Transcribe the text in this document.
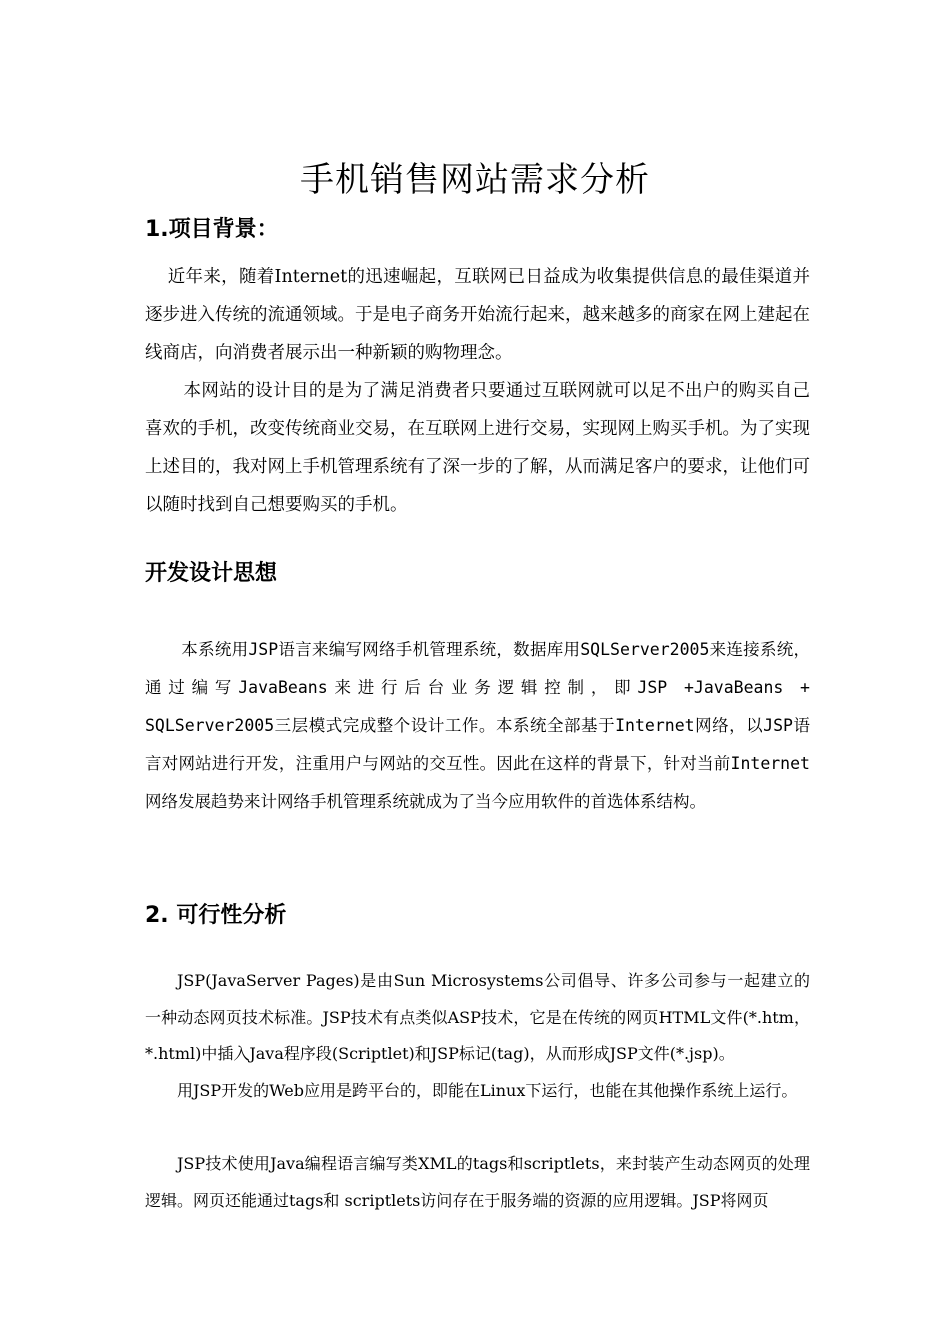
手机销售网站需求分析
1.项目背景：

近年来，随着Internet的迅速崛起，互联网已日益成为收集提供信息的最佳渠道并逐步进入传统的流通领域。于是电子商务开始流行起来，越来越多的商家在网上建起在线商店，向消费者展示出一种新颖的购物理念。

本网站的设计目的是为了满足消费者只要通过互联网就可以足不出户的购买自己喜欢的手机，改变传统商业交易，在互联网上进行交易，实现网上购买手机。为了实现上述目的，我对网上手机管理系统有了深一步的了解，从而满足客户的要求，让他们可以随时找到自己想要购买的手机。

开发设计思想

本系统用JSP语言来编写网络手机管理系统，数据库用SQLServer2005来连接系统，通过编写JavaBeans来进行后台业务逻辑控制，即JSP +JavaBeans + SQLServer2005三层模式完成整个设计工作。本系统全部基于Internet网络，以JSP语言对网站进行开发，注重用户与网站的交互性。因此在这样的背景下，针对当前Internet网络发展趋势来计网络手机管理系统就成为了当今应用软件的首选体系结构。

2. 可行性分析

JSP(JavaServer Pages)是由Sun Microsystems公司倡导、许多公司参与一起建立的一种动态网页技术标准。JSP技术有点类似ASP技术，它是在传统的网页HTML文件(*.htm，*.html)中插入Java程序段(Scriptlet)和JSP标记(tag)，从而形成JSP文件(*.jsp)。

用JSP开发的Web应用是跨平台的，即能在Linux下运行，也能在其他操作系统上运行。

JSP技术使用Java编程语言编写类XML的tags和scriptlets，来封装产生动态网页的处理逻辑。网页还能通过tags和 scriptlets访问存在于服务端的资源的应用逻辑。JSP将网页
